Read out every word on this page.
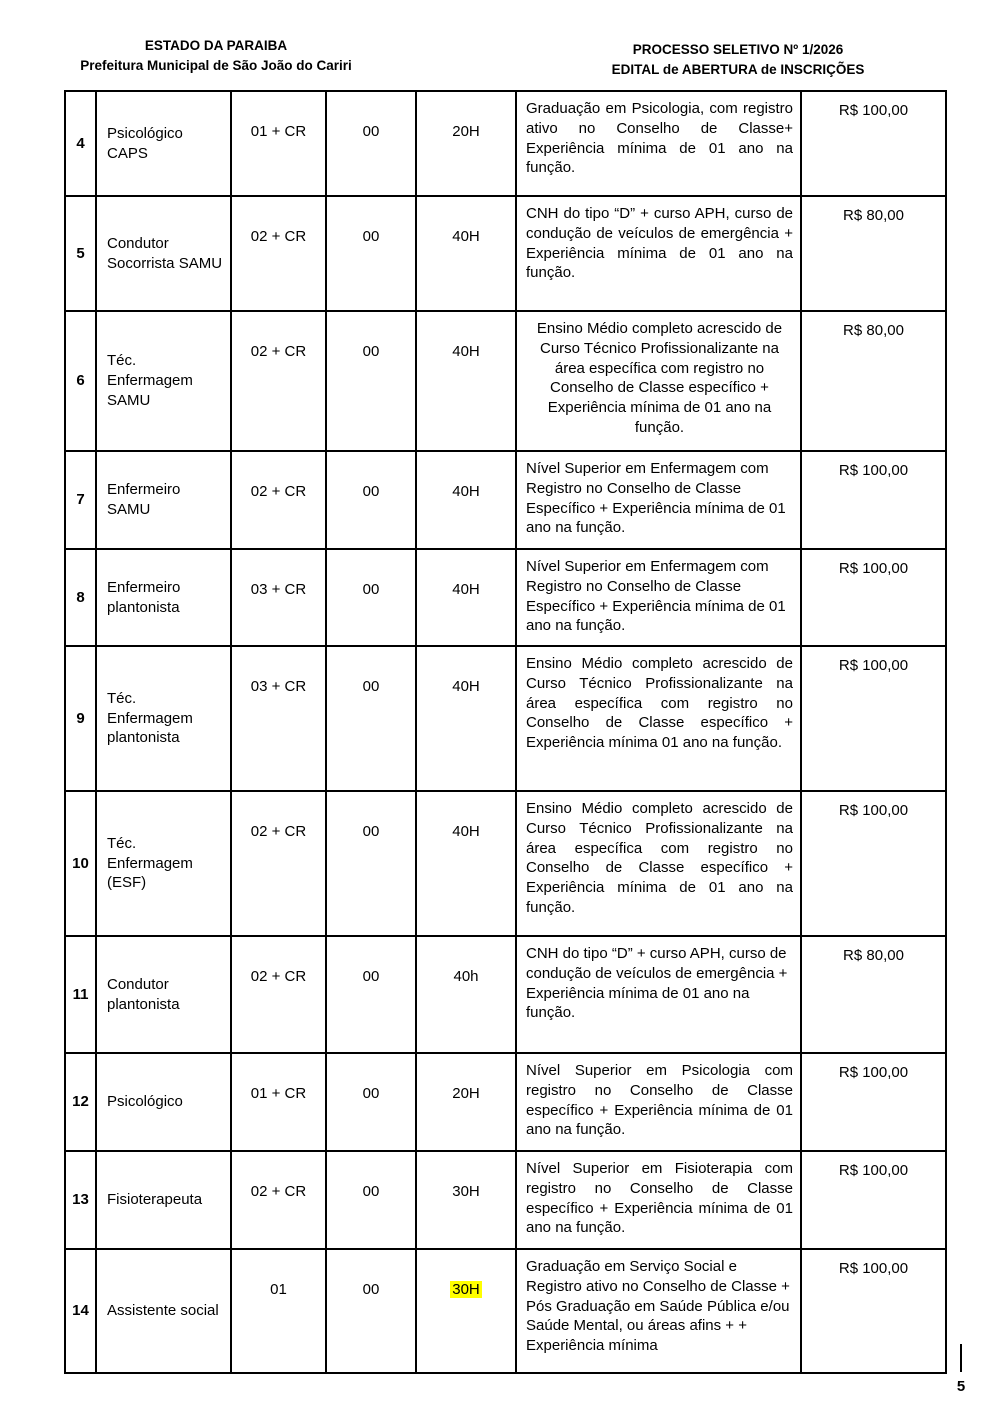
ESTADO DA PARAIBA
Prefeitura Municipal de São João do Cariri
PROCESSO SELETIVO Nº 1/2026
EDITAL de ABERTURA de INSCRIÇÕES
4	Psicológico CAPS	01 + CR	00	20H	Graduação em Psicologia, com registro ativo no Conselho de Classe+ Experiência mínima de 01 ano na função.	R$ 100,00
5	Condutor Socorrista SAMU	02 + CR	00	40H	CNH do tipo “D” + curso APH, curso de condução de veículos de emergência + Experiência mínima de 01 ano na função.	R$ 80,00
6	Téc. Enfermagem SAMU	02 + CR	00	40H	Ensino Médio completo acrescido de Curso Técnico Profissionalizante na área específica com registro no Conselho de Classe específico + Experiência mínima de 01 ano na função.	R$ 80,00
7	Enfermeiro SAMU	02 + CR	00	40H	Nível Superior em Enfermagem com Registro no Conselho de Classe Específico + Experiência mínima de 01 ano na função.	R$ 100,00
8	Enfermeiro plantonista	03 + CR	00	40H	Nível Superior em Enfermagem com Registro no Conselho de Classe Específico + Experiência mínima de 01 ano na função.	R$ 100,00
9	Téc. Enfermagem plantonista	03 + CR	00	40H	Ensino Médio completo acrescido de Curso Técnico Profissionalizante na área específica com registro no Conselho de Classe específico + Experiência mínima 01 ano na função.	R$ 100,00
10	Téc. Enfermagem (ESF)	02 + CR	00	40H	Ensino Médio completo acrescido de Curso Técnico Profissionalizante na área específica com registro no Conselho de Classe específico + Experiência mínima de 01 ano na função.	R$ 100,00
11	Condutor plantonista	02 + CR	00	40h	CNH do tipo “D” + curso APH, curso de condução de veículos de emergência + Experiência mínima de 01 ano na função.	R$ 80,00
12	Psicológico	01 + CR	00	20H	Nível Superior em Psicologia com registro no Conselho de Classe específico + Experiência mínima de 01 ano na função.	R$ 100,00
13	Fisioterapeuta	02 + CR	00	30H	Nível Superior em Fisioterapia com registro no Conselho de Classe específico + Experiência mínima de 01 ano na função.	R$ 100,00
14	Assistente social	01	00	30H	Graduação em Serviço Social e Registro ativo no Conselho de Classe + Pós Graduação em Saúde Pública e/ou Saúde Mental, ou áreas afins + + Experiência mínima	R$ 100,00
5
